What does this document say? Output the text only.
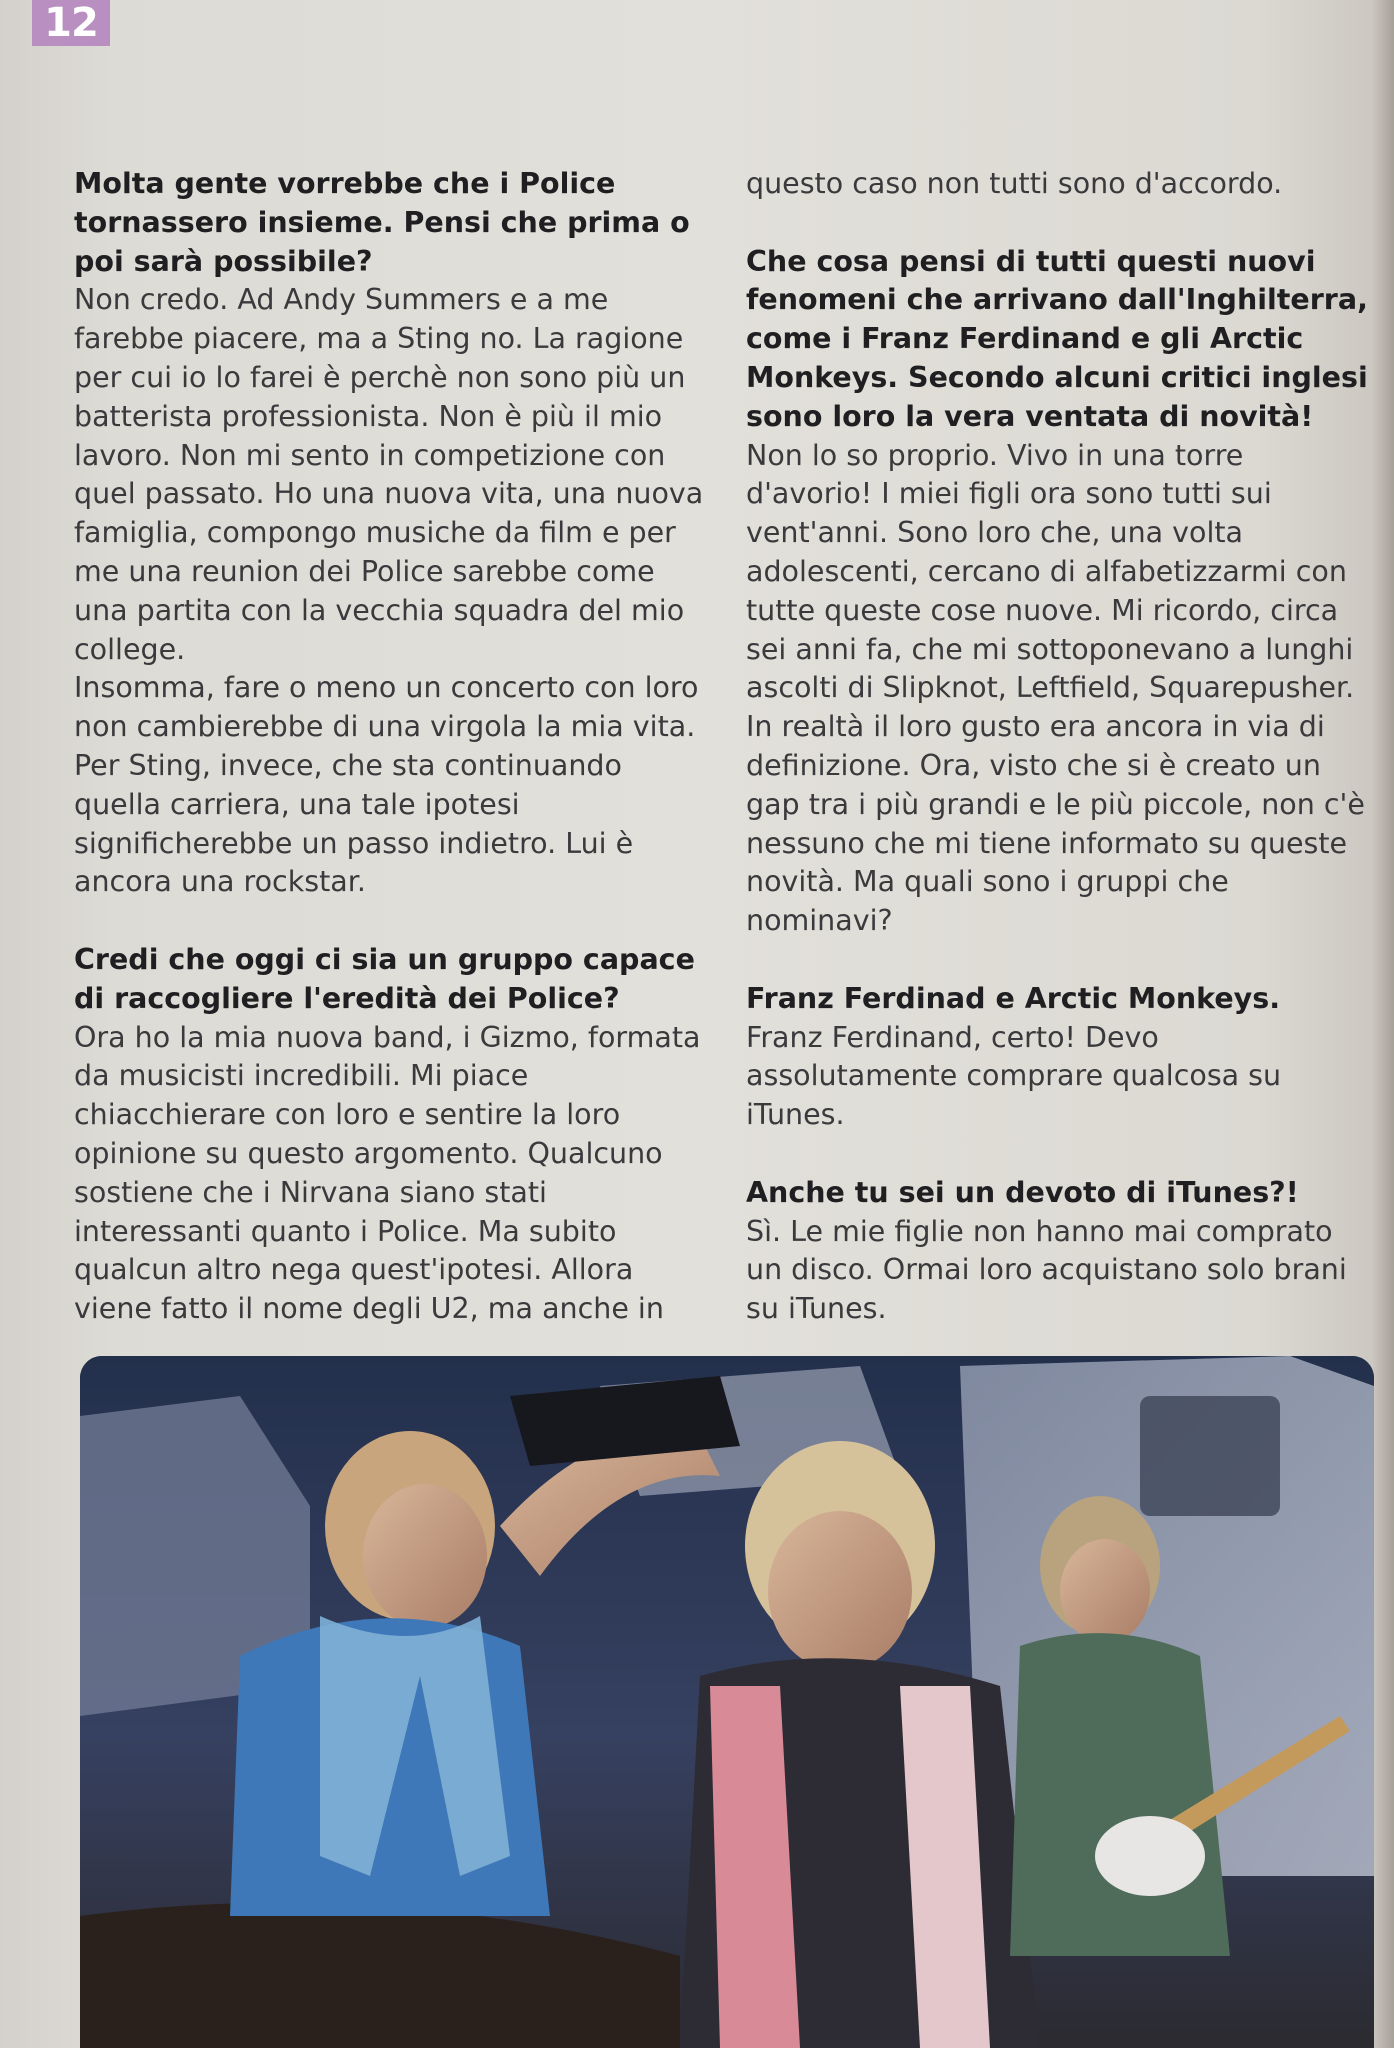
12

Molta gente vorrebbe che i Police tornassero insieme. Pensi che prima o poi sarà possibile?

Non credo. Ad Andy Summers e a me farebbe piacere, ma a Sting no. La ragione per cui io lo farei è perchè non sono più un batterista professionista. Non è più il mio lavoro. Non mi sento in competizione con quel passato. Ho una nuova vita, una nuova famiglia, compongo musiche da film e per me una reunion dei Police sarebbe come una partita con la vecchia squadra del mio college.
Insomma, fare o meno un concerto con loro non cambierebbe di una virgola la mia vita. Per Sting, invece, che sta continuando quella carriera, una tale ipotesi significherebbe un passo indietro. Lui è ancora una rockstar.

Credi che oggi ci sia un gruppo capace di raccogliere l'eredità dei Police?

Ora ho la mia nuova band, i Gizmo, formata da musicisti incredibili. Mi piace chiacchierare con loro e sentire la loro opinione su questo argomento. Qualcuno sostiene che i Nirvana siano stati interessanti quanto i Police. Ma subito qualcun altro nega quest'ipotesi. Allora viene fatto il nome degli U2, ma anche in

questo caso non tutti sono d'accordo.

Che cosa pensi di tutti questi nuovi fenomeni che arrivano dall'Inghilterra, come i Franz Ferdinand e gli Arctic Monkeys. Secondo alcuni critici inglesi sono loro la vera ventata di novità!

Non lo so proprio. Vivo in una torre d'avorio! I miei figli ora sono tutti sui vent'anni. Sono loro che, una volta adolescenti, cercano di alfabetizzarmi con tutte queste cose nuove. Mi ricordo, circa sei anni fa, che mi sottoponevano a lunghi ascolti di Slipknot, Leftfield, Squarepusher. In realtà il loro gusto era ancora in via di definizione. Ora, visto che si è creato un gap tra i più grandi e le più piccole, non c'è nessuno che mi tiene informato su queste novità. Ma quali sono i gruppi che nominavi?

Franz Ferdinad e Arctic Monkeys.

Franz Ferdinand, certo! Devo assolutamente comprare qualcosa su iTunes.

Anche tu sei un devoto di iTunes?!

Sì. Le mie figlie non hanno mai comprato un disco. Ormai loro acquistano solo brani su iTunes.
